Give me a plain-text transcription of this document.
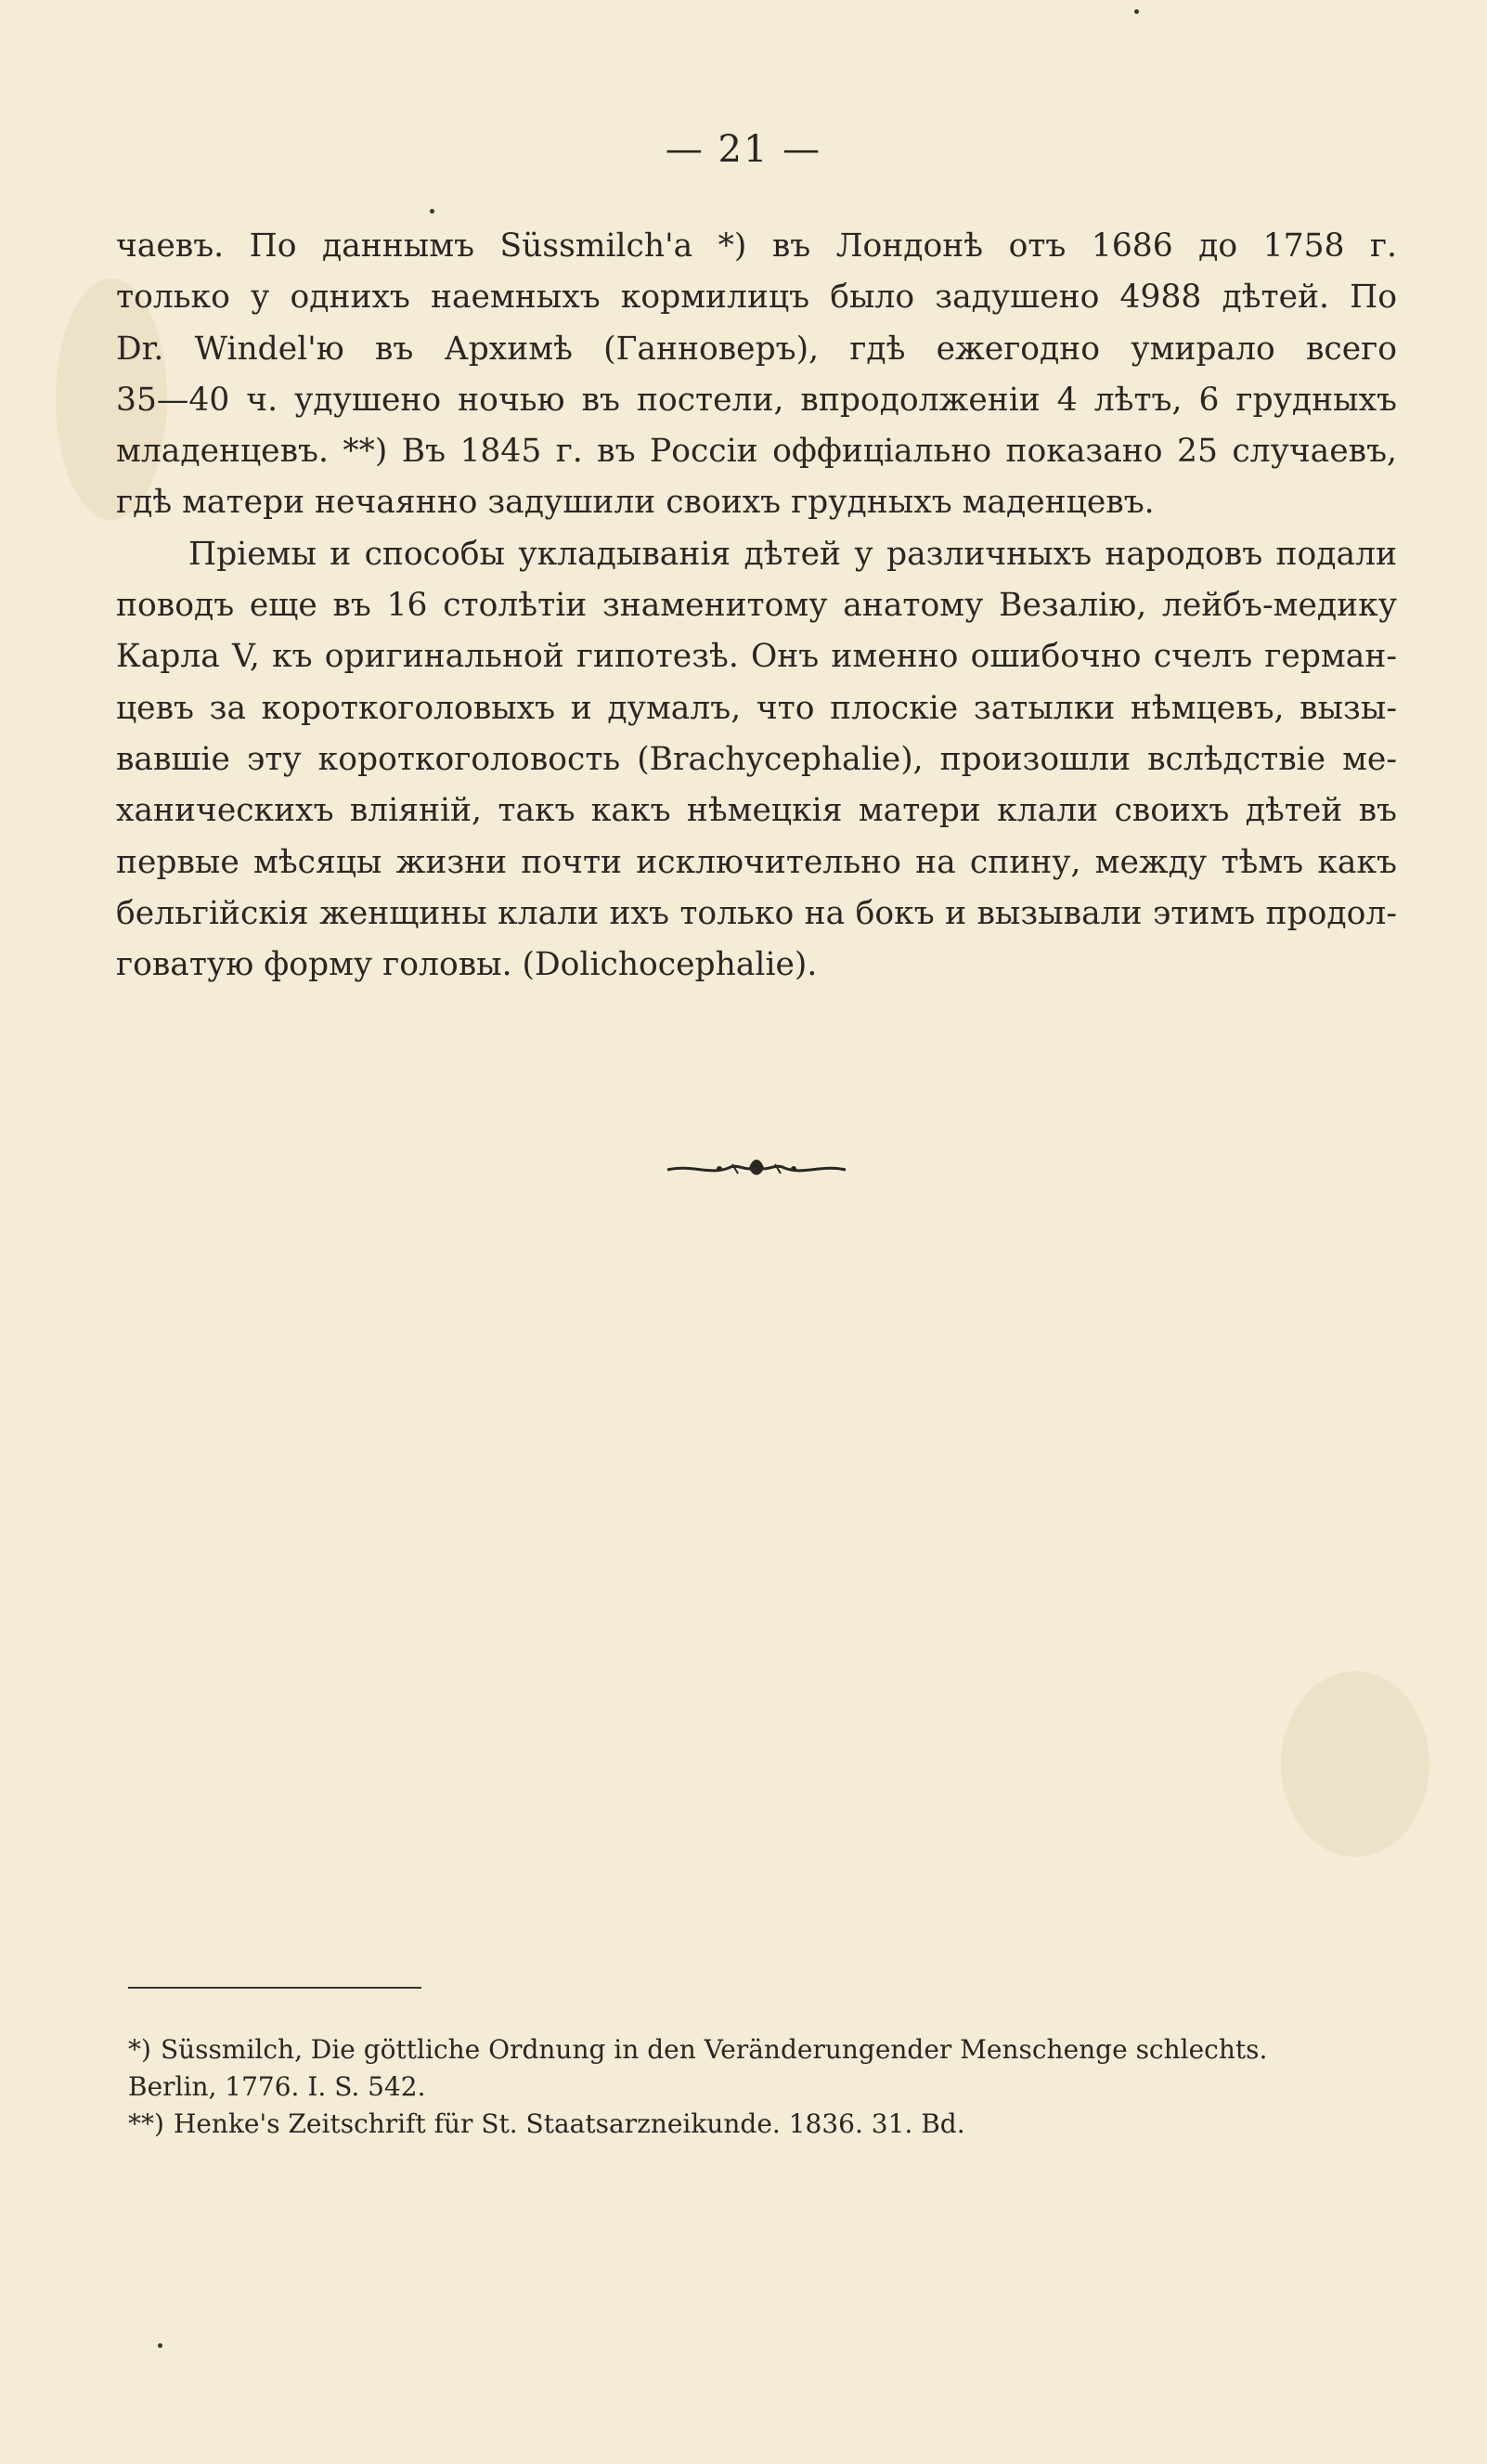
— 21 —
чаевъ. По даннымъ Süssmilch'а *) въ Лондонѣ отъ 1686 до 1758 г.
только у однихъ наемныхъ кормилицъ было задушено 4988 дѣтей. По
Dr. Windel'ю въ Архимѣ (Ганноверъ), гдѣ ежегодно умирало всего
35—40 ч. удушено ночью въ постели, впродолженіи 4 лѣтъ, 6 грудныхъ
младенцевъ. **) Въ 1845 г. въ Россіи оффиціально показано 25 случаевъ,
гдѣ матери нечаянно задушили своихъ грудныхъ маденцевъ.
Пріемы и способы укладыванія дѣтей у различныхъ народовъ подали
поводъ еще въ 16 столѣтіи знаменитому анатому Везалію, лейбъ-медику
Карла V, къ оригинальной гипотезѣ. Онъ именно ошибочно счелъ герман-
цевъ за короткоголовыхъ и думалъ, что плоскіе затылки нѣмцевъ, вызы-
вавшіе эту короткоголовость (Brachycephalie), произошли вслѣдствіе ме-
ханическихъ вліяній, такъ какъ нѣмецкія матери клали своихъ дѣтей въ
первые мѣсяцы жизни почти исключительно на спину, между тѣмъ какъ
бельгійскія женщины клали ихъ только на бокъ и вызывали этимъ продол-
говатую форму головы. (Dolichocephalie).
*) Süssmilch, Die göttliche Ordnung in den Veränderungender Menschenge schlechts.
Berlin, 1776. I. S. 542.
**) Henke's Zeitschrift für St. Staatsarzneikunde. 1836. 31. Bd.
